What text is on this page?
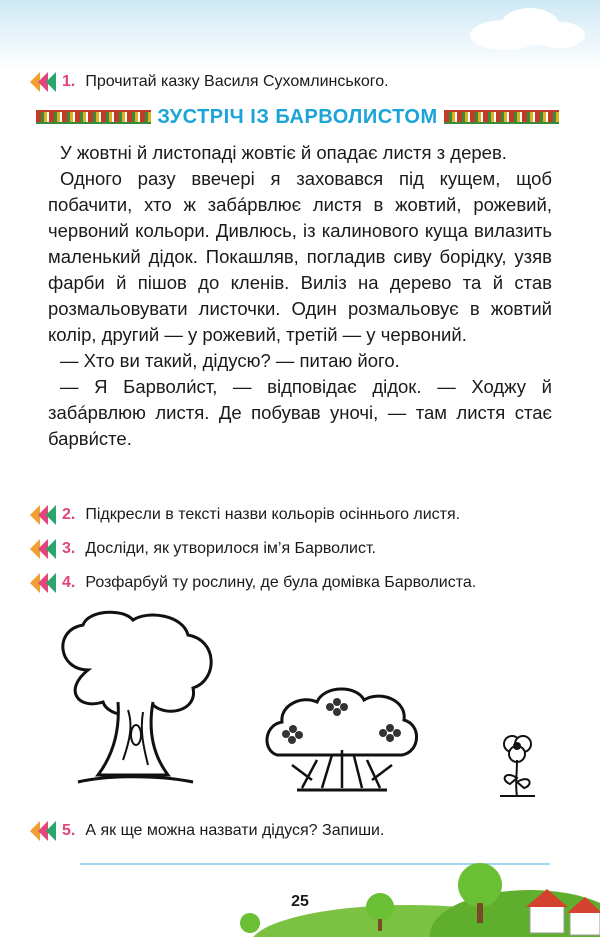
1. Прочитай казку Василя Сухомлинського.
ЗУСТРІЧ ІЗ БАРВОЛИСТОМ

У жовтні й листопаді жовтіє й опадає листя з дерев.

Одного разу ввечері я заховався під кущем, щоб побачити, хто ж забáрвлює листя в жовтий, рожевий, червоний кольори. Дивлюсь, із калинового куща вилазить маленький дідок. Покашляв, погладив сиву борідку, узяв фарби й пішов до кленів. Виліз на дерево та й став розмальовувати листочки. Один розмальовує в жовтий колір, другий — у рожевий, третій — у червоний.

— Хто ви такий, дідусю? — питаю його.

— Я Барволи́ст, — відповідає дідок. — Ходжу й забáрвлюю листя. Де побував уночі, — там листя стає барви́сте.

2. Підкресли в тексті назви кольорів осіннього листя.
3. Досліди, як утворилося ім’я Барволист.
4. Розфарбуй ту рослину, де була домівка Барволиста.
5. А як ще можна назвати дідуся? Запиши.
25
